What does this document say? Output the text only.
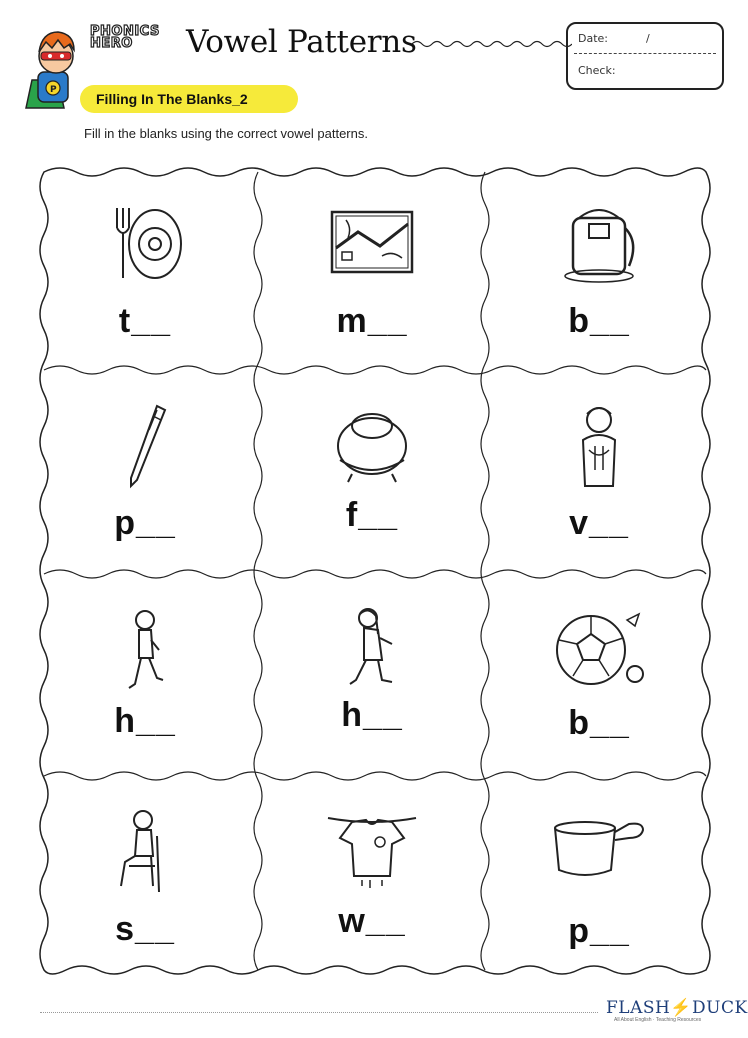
P
PHONICS
HERO	Vowel Patterns	Date:	/
Check:
Filling In The Blanks_2
Fill in the blanks using the correct vowel patterns.
t__	m__	b__
p__	f__	v__
h__	h__	b__
s__	w__	p__
FLASH⚡DUCK
All About English · Teaching Resources
